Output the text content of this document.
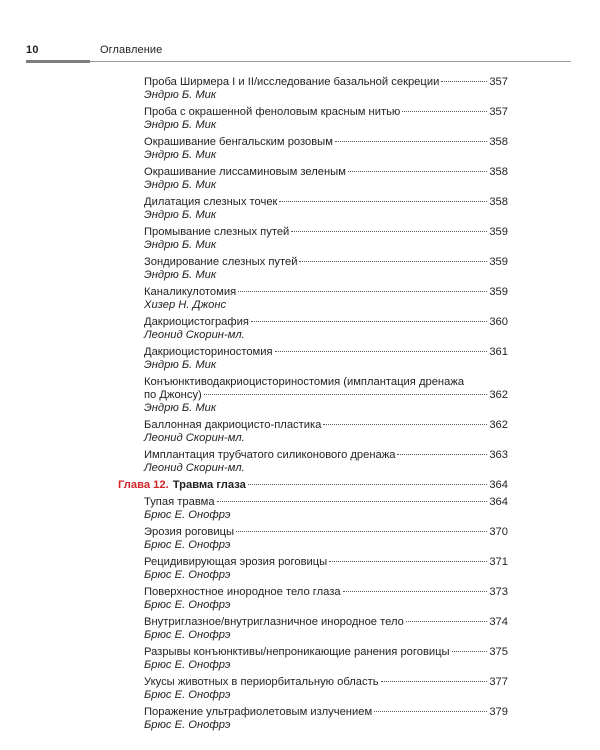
10	Оглавление
Проба Ширмера I и II/исследование базальной секреции	357
Эндрю Б. Мик
Проба с окрашенной феноловым красным нитью	357
Эндрю Б. Мик
Окрашивание бенгальским розовым	358
Эндрю Б. Мик
Окрашивание лиссаминовым зеленым	358
Эндрю Б. Мик
Дилатация слезных точек	358
Эндрю Б. Мик
Промывание слезных путей	359
Эндрю Б. Мик
Зондирование слезных путей	359
Эндрю Б. Мик
Каналикулотомия	359
Хизер Н. Джонс
Дакриоцистография	360
Леонид Скорин-мл.
Дакриоцисториностомия	361
Эндрю Б. Мик
Конъюнктиводакриоцисториностомия (имплантация дренажа
по Джонсу)	362
Эндрю Б. Мик
Баллонная дакриоцисто-пластика	362
Леонид Скорин-мл.
Имплантация трубчатого силиконового дренажа	363
Леонид Скорин-мл.
Глава 12. Травма глаза	364
Тупая травма	364
Брюс Е. Онофрэ
Эрозия роговицы	370
Брюс Е. Онофрэ
Рецидивирующая эрозия роговицы	371
Брюс Е. Онофрэ
Поверхностное инородное тело глаза	373
Брюс Е. Онофрэ
Внутриглазное/внутриглазничное инородное тело	374
Брюс Е. Онофрэ
Разрывы конъюнктивы/непроникающие ранения роговицы	375
Брюс Е. Онофрэ
Укусы животных в периорбитальную область	377
Брюс Е. Онофрэ
Поражение ультрафиолетовым излучением	379
Брюс Е. Онофрэ
